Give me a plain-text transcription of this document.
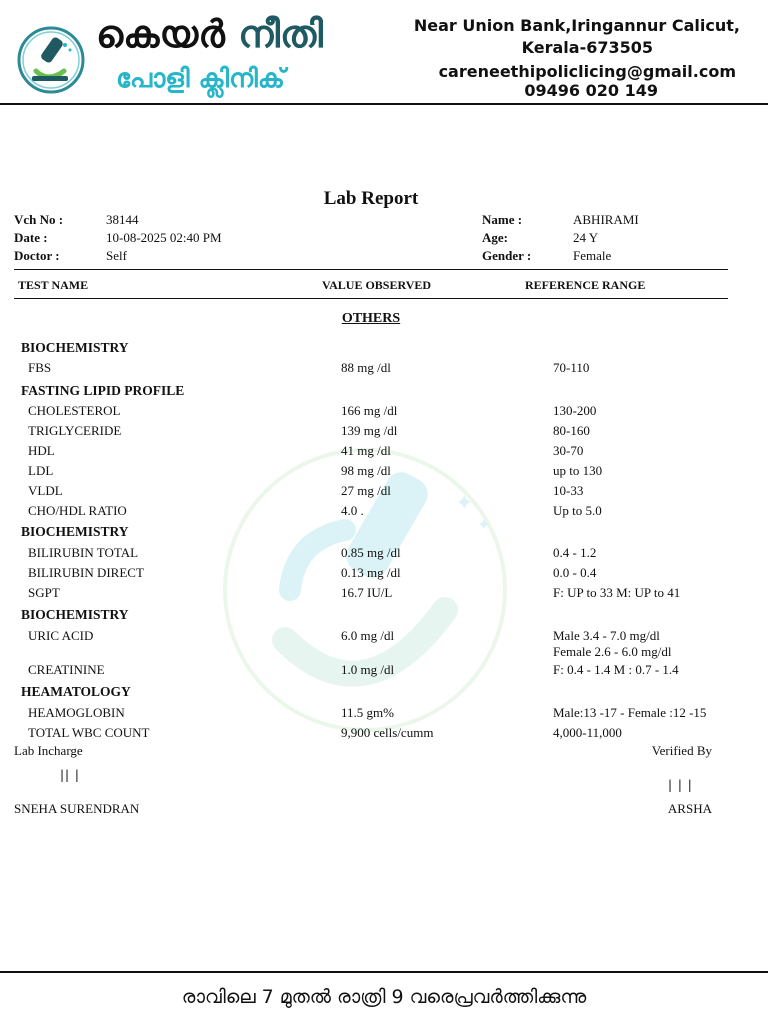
കെയർ നീതി
പോളി ക്ലിനിക്
Near Union Bank,Iringannur Calicut,
Kerala-673505
careneethipoliclicing@gmail.com
09496 020 149
✦
✦
Lab Report
Vch No :	38144
Date :	10-08-2025 02:40 PM
Doctor :	Self
Name :	ABHIRAMI
Age:	24 Y
Gender :	Female
TEST NAME	VALUE OBSERVED	REFERENCE RANGE
OTHERS
BIOCHEMISTRY
FBS	88 mg /dl	70-110
FASTING LIPID PROFILE
CHOLESTEROL	166 mg /dl	130-200
TRIGLYCERIDE	139 mg /dl	80-160
HDL	41 mg /dl	30-70
LDL	98 mg /dl	up to 130
VLDL	27 mg /dl	10-33
CHO/HDL RATIO	4.0 .	Up to 5.0
BIOCHEMISTRY
BILIRUBIN TOTAL	0.85 mg /dl	0.4 - 1.2
BILIRUBIN DIRECT	0.13 mg /dl	0.0 - 0.4
SGPT	16.7 IU/L	F: UP to 33 M: UP to 41
BIOCHEMISTRY
URIC ACID	6.0 mg /dl	Male 3.4 - 7.0 mg/dl
Female 2.6 - 6.0 mg/dl
CREATININE	1.0 mg /dl	F: 0.4 - 1.4 M : 0.7 - 1.4
HEAMATOLOGY
HEAMOGLOBIN	11.5 gm%	Male:13 -17 - Female :12 -15
TOTAL WBC COUNT	9,900 cells/cumm	4,000-11,000
Lab Incharge
|| |
SNEHA SURENDRAN
Verified By
| | |
ARSHA
രാവിലെ 7 മുതൽ രാത്രി 9 വരെപ്രവർത്തിക്കുന്നു
